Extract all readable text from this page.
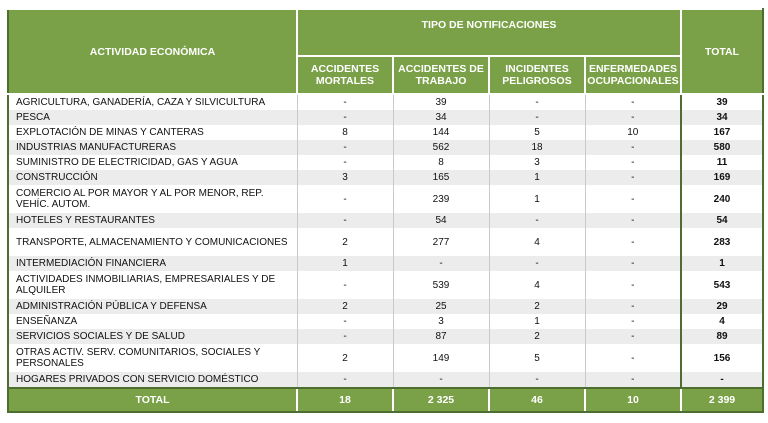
ACTIVIDAD ECONÓMICA	TIPO DE NOTIFICACIONES				TOTAL
	ACCIDENTES MORTALES	ACCIDENTES DE TRABAJO	INCIDENTES PELIGROSOS	ENFERMEDADES OCUPACIONALES	
AGRICULTURA, GANADERÍA, CAZA Y SILVICULTURA	-	39	-	-	39
PESCA	-	34	-	-	34
EXPLOTACIÓN DE MINAS Y CANTERAS	8	144	5	10	167
INDUSTRIAS MANUFACTURERAS	-	562	18	-	580
SUMINISTRO DE ELECTRICIDAD, GAS Y AGUA	-	8	3	-	11
CONSTRUCCIÓN	3	165	1	-	169
COMERCIO AL POR MAYOR Y AL POR MENOR, REP. VEHÍC. AUTOM.	-	239	1	-	240
HOTELES Y RESTAURANTES	-	54	-	-	54
TRANSPORTE, ALMACENAMIENTO Y COMUNICACIONES	2	277	4	-	283
INTERMEDIACIÓN FINANCIERA	1	-	-	-	1
ACTIVIDADES INMOBILIARIAS, EMPRESARIALES Y DE ALQUILER	-	539	4	-	543
ADMINISTRACIÓN PÚBLICA Y DEFENSA	2	25	2	-	29
ENSEÑANZA	-	3	1	-	4
SERVICIOS SOCIALES Y DE SALUD	-	87	2	-	89
OTRAS ACTIV. SERV. COMUNITARIOS, SOCIALES Y PERSONALES	2	149	5	-	156
HOGARES PRIVADOS CON SERVICIO DOMÉSTICO	-	-	-	-	-
TOTAL	18	2 325	46	10	2 399
